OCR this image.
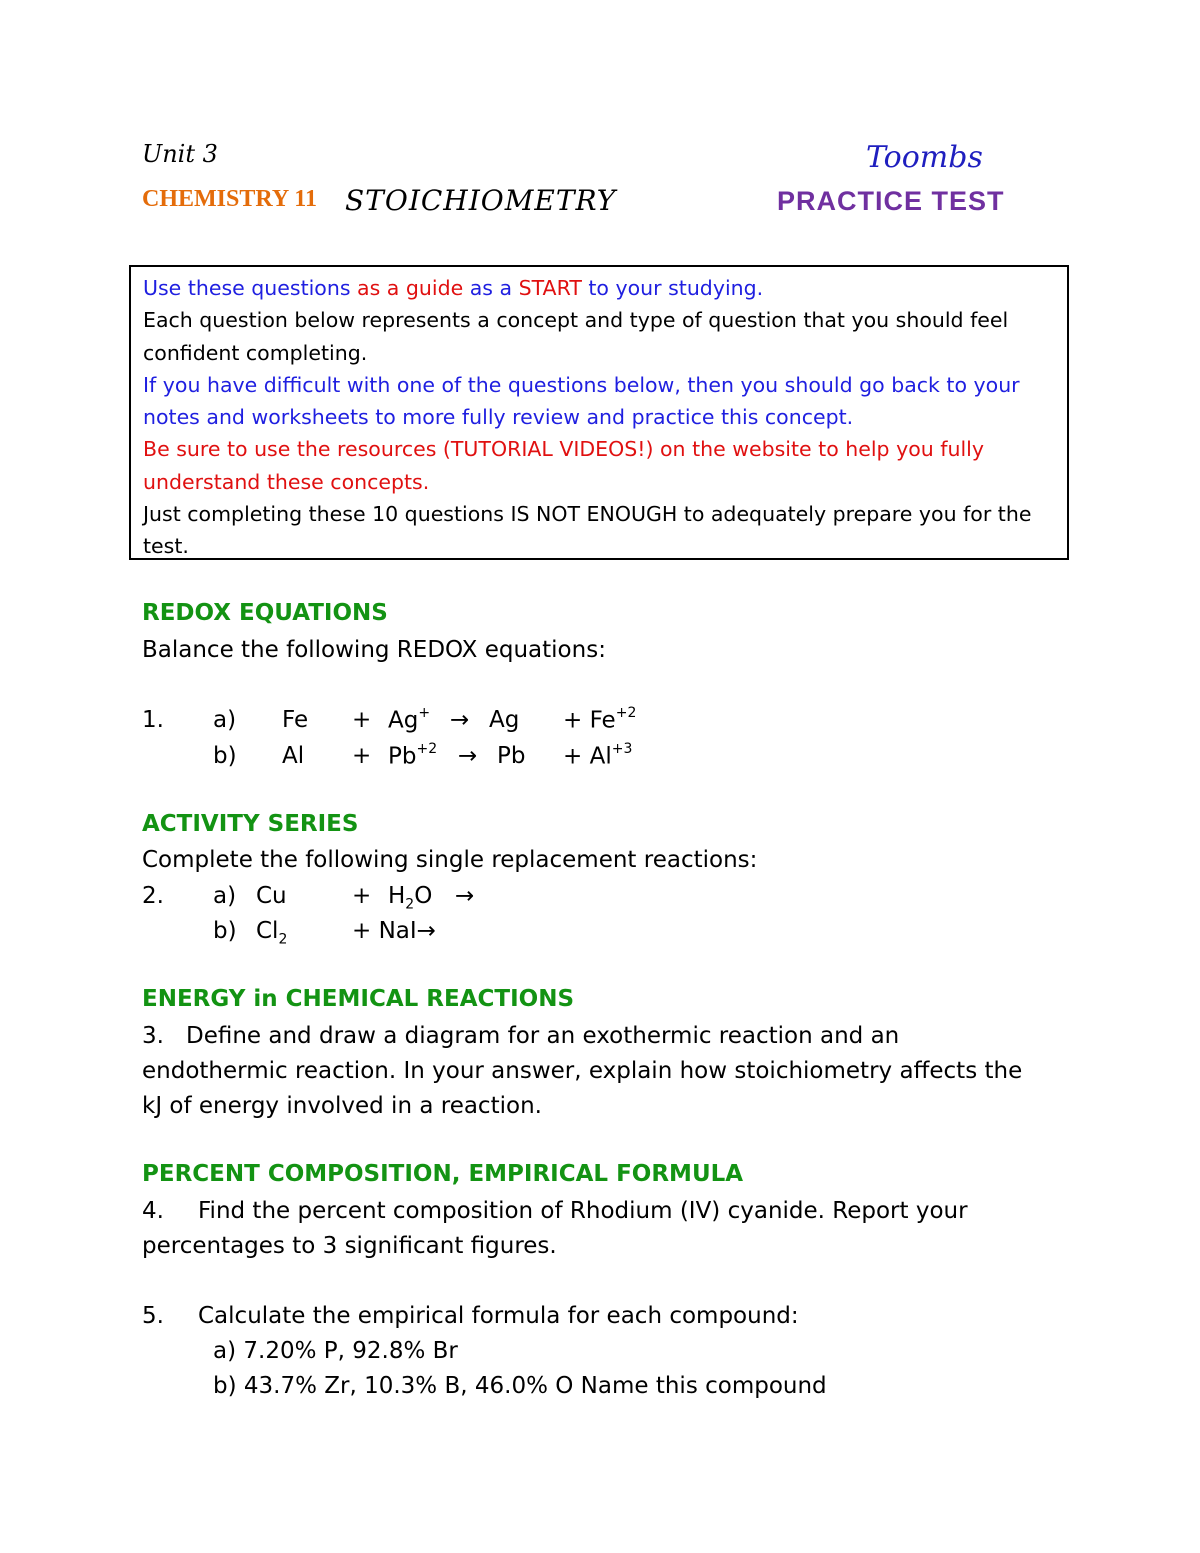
Unit 3	Toombs
CHEMISTRY 11 STOICHIOMETRY	PRACTICE TEST

Use these questions as a guide as a START to your studying.

Each question below represents a concept and type of question that you should feel confident completing.

If you have difficult with one of the questions below, then you should go back to your notes and worksheets to more fully review and practice this concept.

Be sure to use the resources (TUTORIAL VIDEOS!) on the website to help you fully understand these concepts.

Just completing these 10 questions IS NOT ENOUGH to adequately prepare you for the test.

REDOX EQUATIONS
Balance the following REDOX equations:
1. a) $Fe + Ag^+ \to Ag + Fe^{+2}$
b) $Al + Pb^{+2} \to Pb + Al^{+3}$
ACTIVITY SERIES
Complete the following single replacement reactions:
2. a) Cu	+ $H_2O$ →
b) $Cl_2$	+ NaI→
ENERGY in CHEMICAL REACTIONS
3. Define and draw a diagram for an exothermic reaction and an endothermic reaction. In your answer, explain how stoichiometry affects the kJ of energy involved in a reaction.
PERCENT COMPOSITION, EMPIRICAL FORMULA
4. Find the percent composition of Rhodium (IV) cyanide. Report your percentages to 3 significant figures.
5. Calculate the empirical formula for each compound:
a) 7.20% P, 92.8% Br
b) 43.7% Zr, 10.3% B, 46.0% O Name this compound
